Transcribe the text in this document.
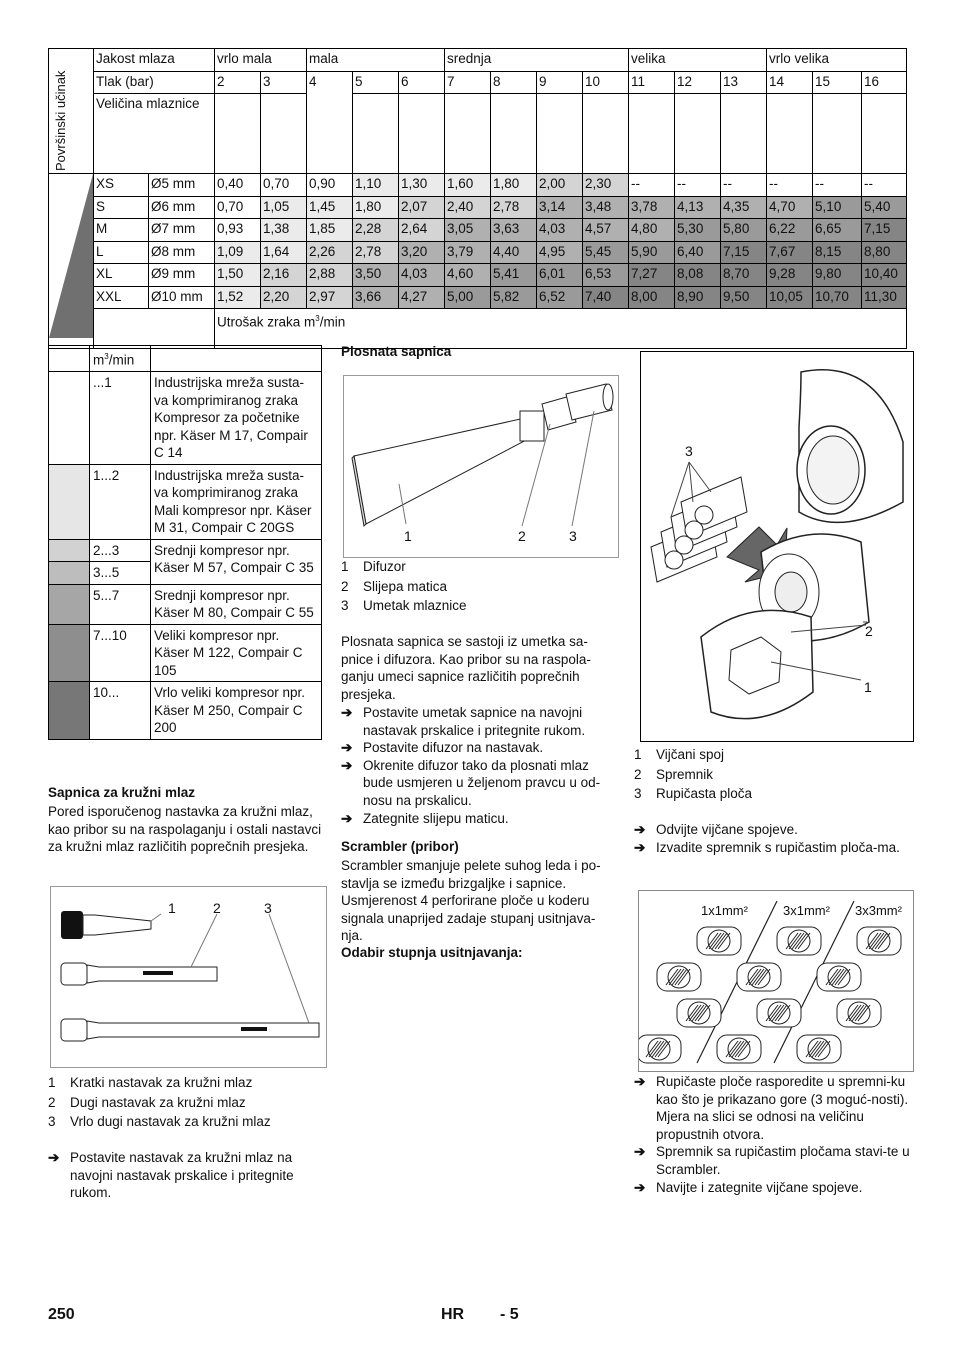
Površinski učinak	Jakost mlaza		vrlo mala		mala			srednja				velika			vrlo velika		
	Tlak (bar)		2	3	4	5	6	7	8	9	10	11	12	13	14	15	16
	Veličina mlaznice																

	XS	Ø5 mm	0,40	0,70	0,90	1,10	1,30	1,60	1,80	2,00	2,30	--	--	--	--	--	--
	S	Ø6 mm	0,70	1,05	1,45	1,80	2,07	2,40	2,78	3,14	3,48	3,78	4,13	4,35	4,70	5,10	5,40
	M	Ø7 mm	0,93	1,38	1,85	2,28	2,64	3,05	3,63	4,03	4,57	4,80	5,30	5,80	6,22	6,65	7,15
	L	Ø8 mm	1,09	1,64	2,26	2,78	3,20	3,79	4,40	4,95	5,45	5,90	6,40	7,15	7,67	8,15	8,80
	XL	Ø9 mm	1,50	2,16	2,88	3,50	4,03	4,60	5,41	6,01	6,53	7,27	8,08	8,70	9,28	9,80	10,40
	XXL	Ø10 mm	1,52	2,20	2,97	3,66	4,27	5,00	5,82	6,52	7,40	8,00	8,90	9,50	10,05	10,70	11,30
			Utrošak zraka $m^3/\min$														
	$m^3/\min$	
	...1	Industrijska mreža susta-va komprimiranog zraka Kompresor za početnike npr. Käser M 17, Compair C 14
	1...2	Industrijska mreža susta-va komprimiranog zraka Mali kompresor npr. Käser M 31, Compair C 20GS
	2...3	Srednji kompresor npr. Käser M 57, Compair C 35
	3...5	
	5...7	Srednji kompresor npr. Käser M 80, Compair C 55
	7...10	Veliki kompresor npr. Käser M 122, Compair C 105
	10...	Vrlo veliki kompresor npr. Käser M 250, Compair C 200
Sapnica za kružni mlaz
Pored isporučenog nastavka za kružni mlaz, kao pribor su na raspolaganju i ostali nastavci za kružni mlaz različitih poprečnih presjeka.
1	2	3
1 Kratki nastavak za kružni mlaz
2 Dugi nastavak za kružni mlaz
3 Vrlo dugi nastavak za kružni mlaz
➔ Postavite nastavak za kružni mlaz na navojni nastavak prskalice i pritegnite rukom.
Plosnata sapnica
1	2	3
1 Difuzor
2 Slijepa matica
3 Umetak mlaznice
Plosnata sapnica se sastoji iz umetka sa-pnice i difuzora. Kao pribor su na raspola-ganju umeci sapnice različitih poprečnih presjeka.
➔ Postavite umetak sapnice na navojni nastavak prskalice i pritegnite rukom.
➔ Postavite difuzor na nastavak.
➔ Okrenite difuzor tako da plosnati mlaz bude usmjeren u željenom pravcu u od-nosu na prskalicu.
➔ Zategnite slijepu maticu.
Scrambler (pribor)
Scrambler smanjuje pelete suhog leda i po-stavlja se između brizgaljke i sapnice. Usmjerenost 4 perforirane ploče u koderu signala unaprijed zadaje stupanj usitnjava-nja.
Odabir stupnja usitnjavanja:
3
2
1
1 Vijčani spoj
2 Spremnik
3 Rupičasta ploča
➔ Odvijte vijčane spojeve.
➔ Izvadite spremnik s rupičastim pločа-ma.
1x1mm²	3x1mm² 3x3mm²
➔ Rupičaste ploče rasporedite u spremni-ku kao što je prikazano gore (3 moguć-nosti). Mjera na slici se odnosi na veličinu propustnih otvora.
➔ Spremnik sa rupičastim pločama stavi-te u Scrambler.
➔ Navijte i zategnite vijčane spojeve.
250	HR - 5
